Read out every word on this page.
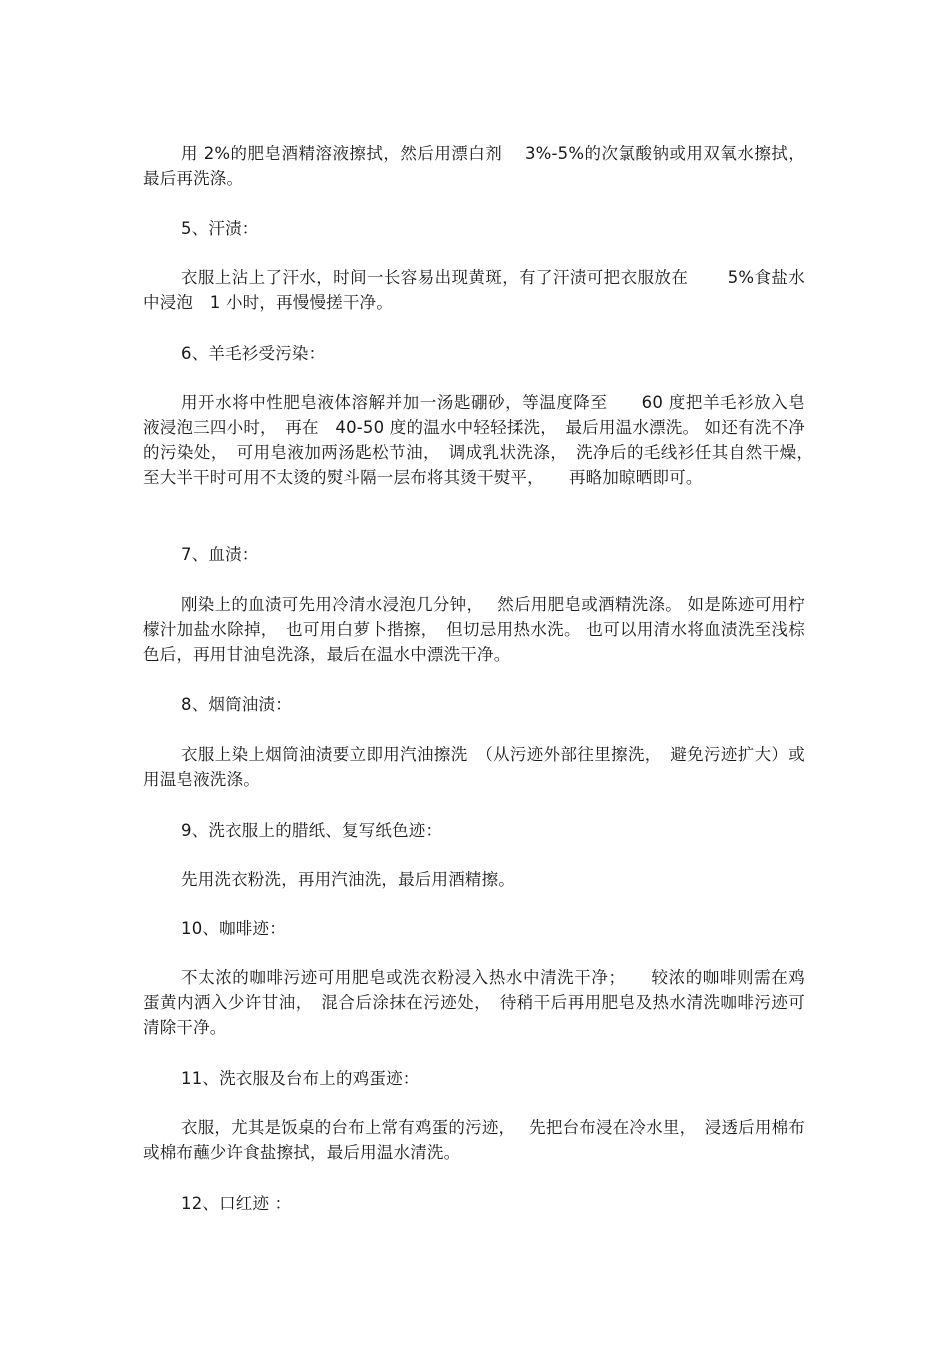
用 2%的肥皂酒精溶液擦拭，然后用漂白剂　 3%-5%的次氯酸钠或用双氧水擦拭，最后再洗涤。
5、汗渍：
衣服上沾上了汗水，时间一长容易出现黄斑，有了汗渍可把衣服放在　　 5%食盐水中浸泡　1 小时，再慢慢搓干净。
6、羊毛衫受污染：
用开水将中性肥皂液体溶解并加一汤匙硼砂，等温度降至　　60 度把羊毛衫放入皂液浸泡三四小时，　再在　40-50 度的温水中轻轻揉洗，　最后用温水漂洗。 如还有洗不净的污染处，　可用皂液加两汤匙松节油，　调成乳状洗涤，　洗净后的毛线衫任其自然干燥，　至大半干时可用不太烫的熨斗隔一层布将其烫干熨平，　　再略加晾晒即可。
7、血渍：
刚染上的血渍可先用冷清水浸泡几分钟，　 然后用肥皂或酒精洗涤。 如是陈迹可用柠檬汁加盐水除掉，　也可用白萝卜揩擦，　但切忌用热水洗。 也可以用清水将血渍洗至浅棕色后，再用甘油皂洗涤，最后在温水中漂洗干净。
8、烟筒油渍：
衣服上染上烟筒油渍要立即用汽油擦洗　（从污迹外部往里擦洗，　避免污迹扩大）或用温皂液洗涤。
9、洗衣服上的腊纸、复写纸色迹：
先用洗衣粉洗，再用汽油洗，最后用酒精擦。
10、咖啡迹：
不太浓的咖啡污迹可用肥皂或洗衣粉浸入热水中清洗干净；　　较浓的咖啡则需在鸡蛋黄内洒入少许甘油，　混合后涂抹在污迹处，　待稍干后再用肥皂及热水清洗咖啡污迹可清除干净。
11、洗衣服及台布上的鸡蛋迹：
衣服，尤其是饭桌的台布上常有鸡蛋的污迹，　 先把台布浸在冷水里，　浸透后用棉布或棉布蘸少许食盐擦拭，最后用温水清洗。
12、口红迹 ：
